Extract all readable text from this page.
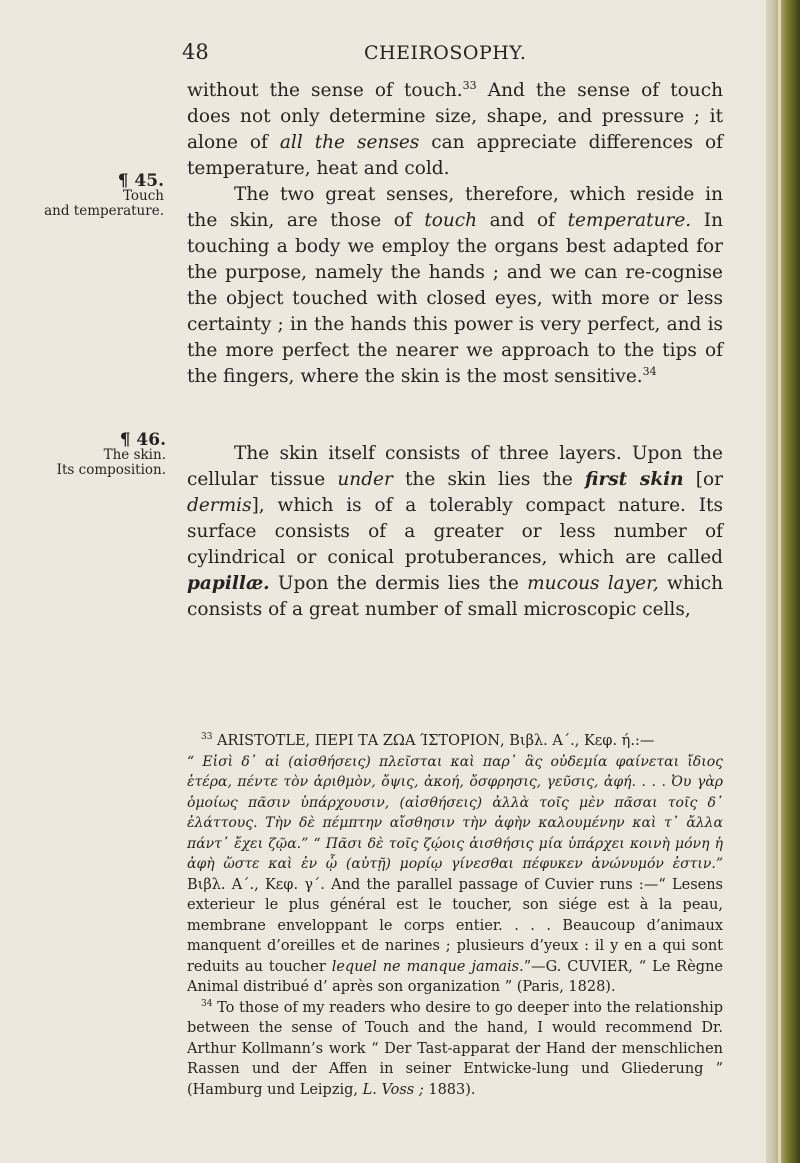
48	CHEIROSOPHY.
¶ 45.
Touch
and temperature.
¶ 46.
The skin.
Its composition.

without the sense of touch.$^{33}$ And the sense of touch does not only determine size, shape, and pressure ; it alone of all the senses can appreciate differences of temperature, heat and cold.

The two great senses, therefore, which reside in the skin, are those of touch and of temperature. In touching a body we employ the organs best adapted for the purpose, namely the hands ; and we can re-cognise the object touched with closed eyes, with more or less certainty ; in the hands this power is very perfect, and is the more perfect the nearer we approach to the tips of the fingers, where the skin is the most sensitive.$^{34}$

The skin itself consists of three layers. Upon the cellular tissue under the skin lies the first skin [or dermis], which is of a tolerably compact nature. Its surface consists of a greater or less number of cylindrical or conical protuberances, which are called papillæ. Upon the dermis lies the mucous layer, which consists of a great number of small microscopic cells,

$^{33}$ ARISTOTLE, ΠΕΡΙ ΤΑ ΖΩΑ ΊΣΤΟΡΙΟΝ, Βιβλ. Α΄., Κεφ. ή.:—
“ Εἰσὶ δ᾽ αἱ (αἰσθήσεις) πλεῖσται καὶ παρ᾽ ἃς οὐδεμία φαίνεται ἴδιος ἑτέρα, πέντε τὸν ἀριθμὸν, ὄψις, ἀκοή, ὄσφρησις, γεῦσις, ἀφή. . . . Ὀυ γὰρ ὁμοίως πᾶσιν ὑπάρχουσιν, (αἰσθήσεις) ἀλλὰ τοῖς μὲν πᾶσαι τοῖς δ᾽ ἐλάττους. Τὴν δὲ πέμπτην αἴσθησιν τὴν ἀφὴν καλουμένην καὶ τ᾽ ἄλλα πάντ᾽ ἔχει ζῷα.” “ Πᾶσι δὲ τοῖς ζῴοις ἀισθήσις μία ὑπάρχει κοινὴ μόνη ἡ ἀφὴ ὥστε καὶ ἐν ᾧ (αὐτῇ) μορίῳ γίνεσθαι πέφυκεν ἀνώνυμόν ἐστιν.” Βιβλ. Α΄., Κεφ. γ΄. And the parallel passage of Cuvier runs :—“ Lesens exterieur le plus général est le toucher, son siége est à la peau, membrane enveloppant le corps entier. . . . Beaucoup d’animaux manquent d’oreilles et de narines ; plusieurs d’yeux : il y en a qui sont reduits au toucher lequel ne manque jamais.”—G. CUVIER, “ Le Règne Animal distribué d’ après son organization ” (Paris, 1828).

$^{34}$ To those of my readers who desire to go deeper into the relationship between the sense of Touch and the hand, I would recommend Dr. Arthur Kollmann’s work “ Der Tast-apparat der Hand der menschlichen Rassen und der Affen in seiner Entwicke-lung und Gliederung ” (Hamburg und Leipzig, L. Voss ; 1883).
